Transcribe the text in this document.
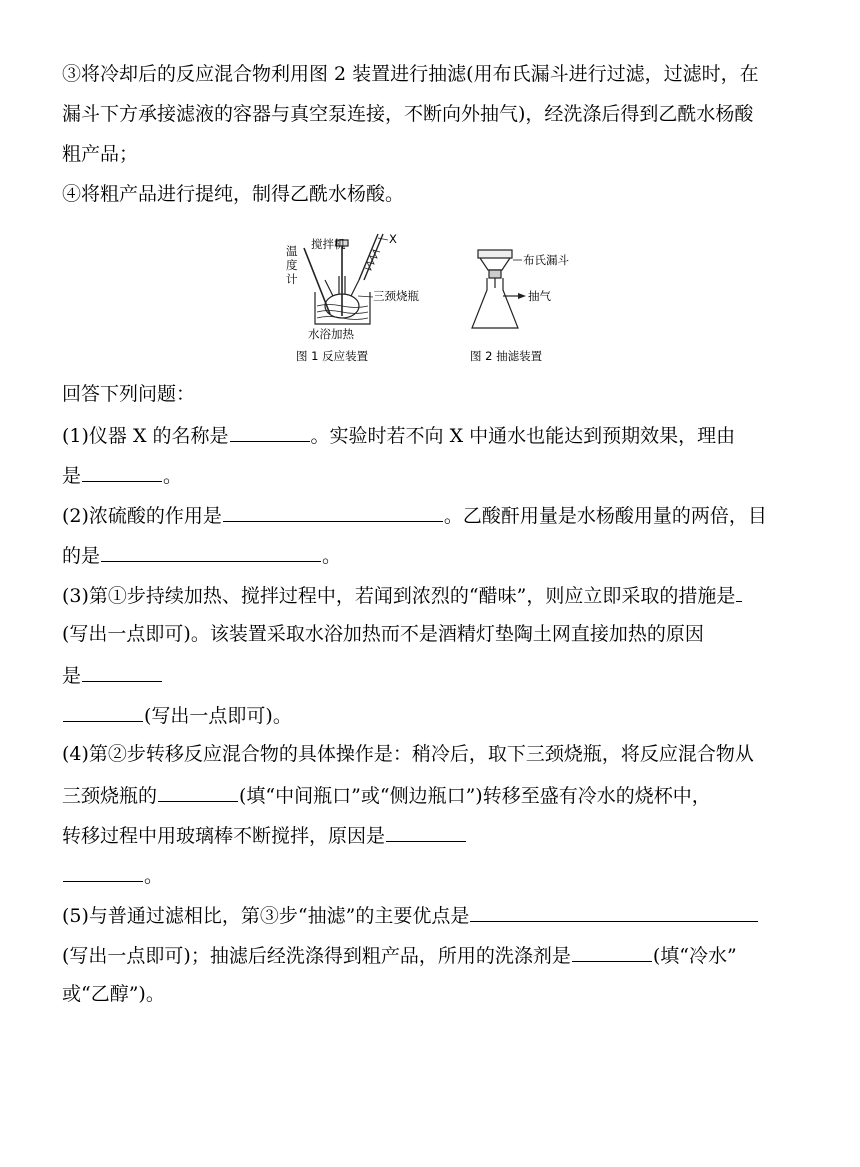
③将冷却后的反应混合物利用图 2 装置进行抽滤(用布氏漏斗进行过滤，过滤时，在
漏斗下方承接滤液的容器与真空泵连接，不断向外抽气)，经洗涤后得到乙酰水杨酸
粗产品；
④将粗产品进行提纯，制得乙酰水杨酸。
温
度
计
搅拌机	X
三颈烧瓶
水浴加热
图 1 反应装置
布氏漏斗
抽气
图 2 抽滤装置
回答下列问题：
(1)仪器 X 的名称是	。实验时若不向 X 中通水也能达到预期效果，理由
是	。
(2)浓硫酸的作用是	。乙酸酐用量是水杨酸用量的两倍，目
的是	。
(3)第①步持续加热、搅拌过程中，若闻到浓烈的“醋味”，则应立即采取的措施是
(写出一点即可)。该装置采取水浴加热而不是酒精灯垫陶土网直接加热的原因
是
(写出一点即可)。
(4)第②步转移反应混合物的具体操作是：稍冷后，取下三颈烧瓶，将反应混合物从
三颈烧瓶的	(填“中间瓶口”或“侧边瓶口”)转移至盛有冷水的烧杯中，
转移过程中用玻璃棒不断搅拌，原因是
。
(5)与普通过滤相比，第③步“抽滤”的主要优点是
(写出一点即可)；抽滤后经洗涤得到粗产品，所用的洗涤剂是	(填“冷水”
或“乙醇”)。
